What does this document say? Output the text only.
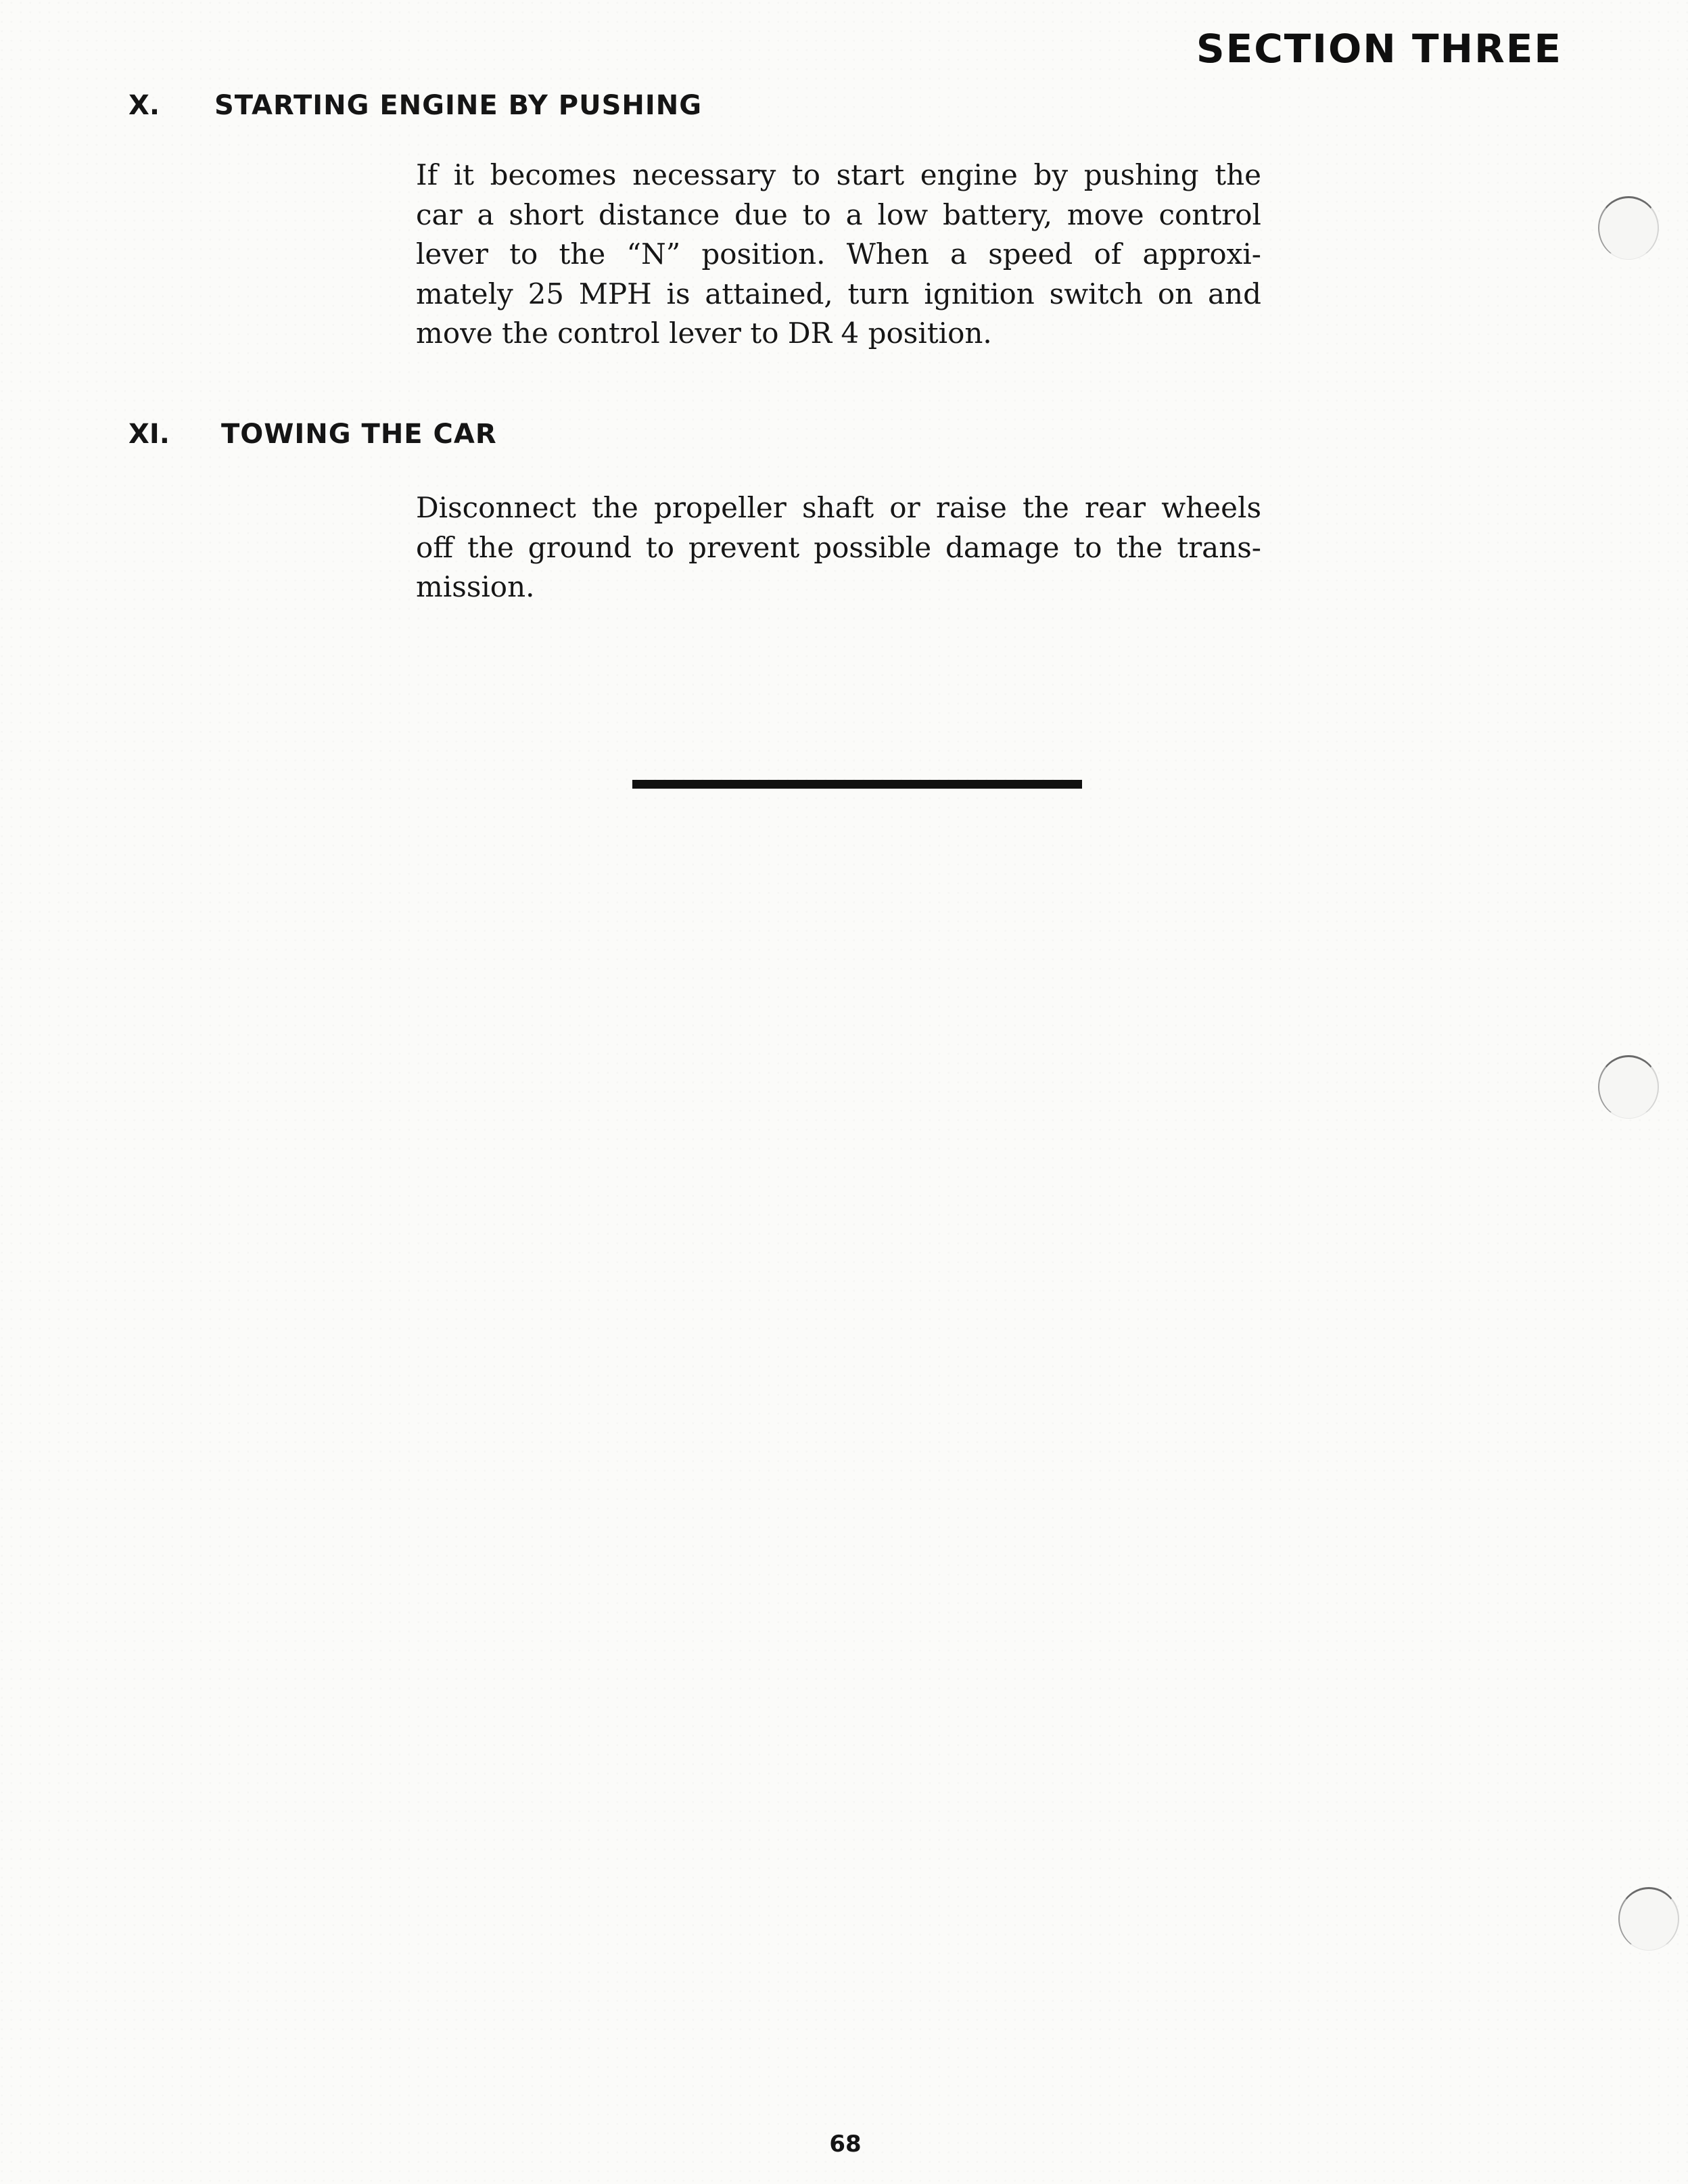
SECTION THREE
X. STARTING ENGINE BY PUSHING

If it becomes necessary to start engine by pushing the
car a short distance due to a low battery, move control
lever to the “N” position. When a speed of approxi-
mately 25 MPH is attained, turn ignition switch on and
move the control lever to DR 4 position.

XI. TOWING THE CAR

Disconnect the propeller shaft or raise the rear wheels
off the ground to prevent possible damage to the trans-
mission.

68
